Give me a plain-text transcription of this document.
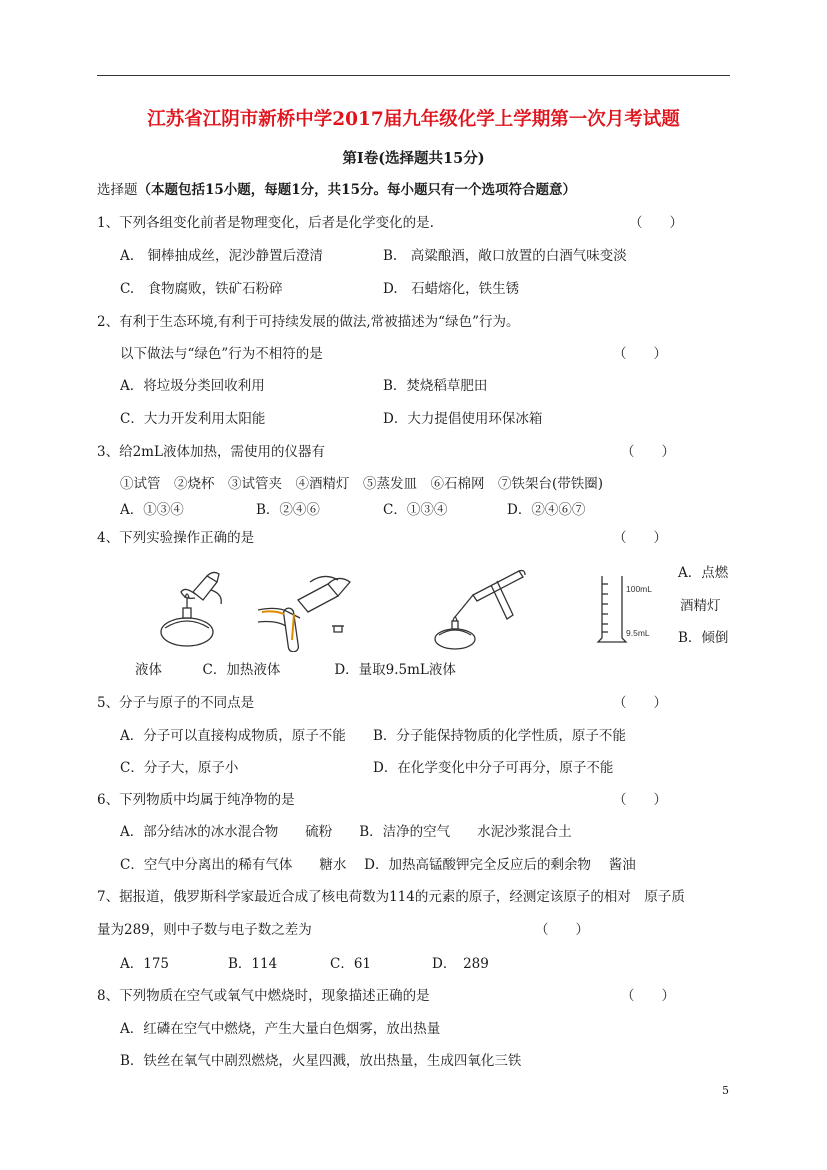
江苏省江阴市新桥中学2017届九年级化学上学期第一次月考试题
第Ⅰ卷(选择题共15分)
选择题（本题包括15小题，每题1分，共15分。每小题只有一个选项符合题意）
1、下列各组变化前者是物理变化，后者是化学变化的是.	（　　）
A.　铜棒抽成丝，泥沙静置后澄清	B.　高粱酿酒，敞口放置的白酒气味变淡
C.　食物腐败，铁矿石粉碎	D.　石蜡熔化，铁生锈
2、有利于生态环境,有利于可持续发展的做法,常被描述为“绿色”行为。
以下做法与“绿色”行为不相符的是	（　　）
A．将垃圾分类回收利用	B．焚烧稻草肥田
C．大力开发利用太阳能	D．大力提倡使用环保冰箱
3、给2mL液体加热，需使用的仪器有	（　　）
①试管　②烧杯　③试管夹　④酒精灯　⑤蒸发皿　⑥石棉网　⑦铁架台(带铁圈)
A．①③④	B．②④⑥	C．①③④	D．②④⑥⑦
4、下列实验操作正确的是	（　　）
A．点燃
酒精灯
B．倾倒
100mL
9.5mL
液体　　　C．加热液体　　　　D．量取9.5mL液体
5、分子与原子的不同点是	（　　）
A．分子可以直接构成物质，原子不能 B．分子能保持物质的化学性质，原子不能
C．分子大，原子小	D．在化学变化中分子可再分，原子不能
6、下列物质中均属于纯净物的是	（　　）
A．部分结冰的冰水混合物　　硫粉　　B．洁净的空气　　水泥沙浆混合土
C．空气中分离出的稀有气体　　糖水　 D．加热高锰酸钾完全反应后的剩余物　 酱油
7、据报道，俄罗斯科学家最近合成了核电荷数为114的元素的原子，经测定该原子的相对　原子质
量为289，则中子数与电子数之差为	（　　）
A．175	B．114	C．61	D．　289
8、下列物质在空气或氧气中燃烧时，现象描述正确的是	（　　）
A．红磷在空气中燃烧，产生大量白色烟雾，放出热量
B．铁丝在氧气中剧烈燃烧，火星四溅，放出热量，生成四氧化三铁
5
